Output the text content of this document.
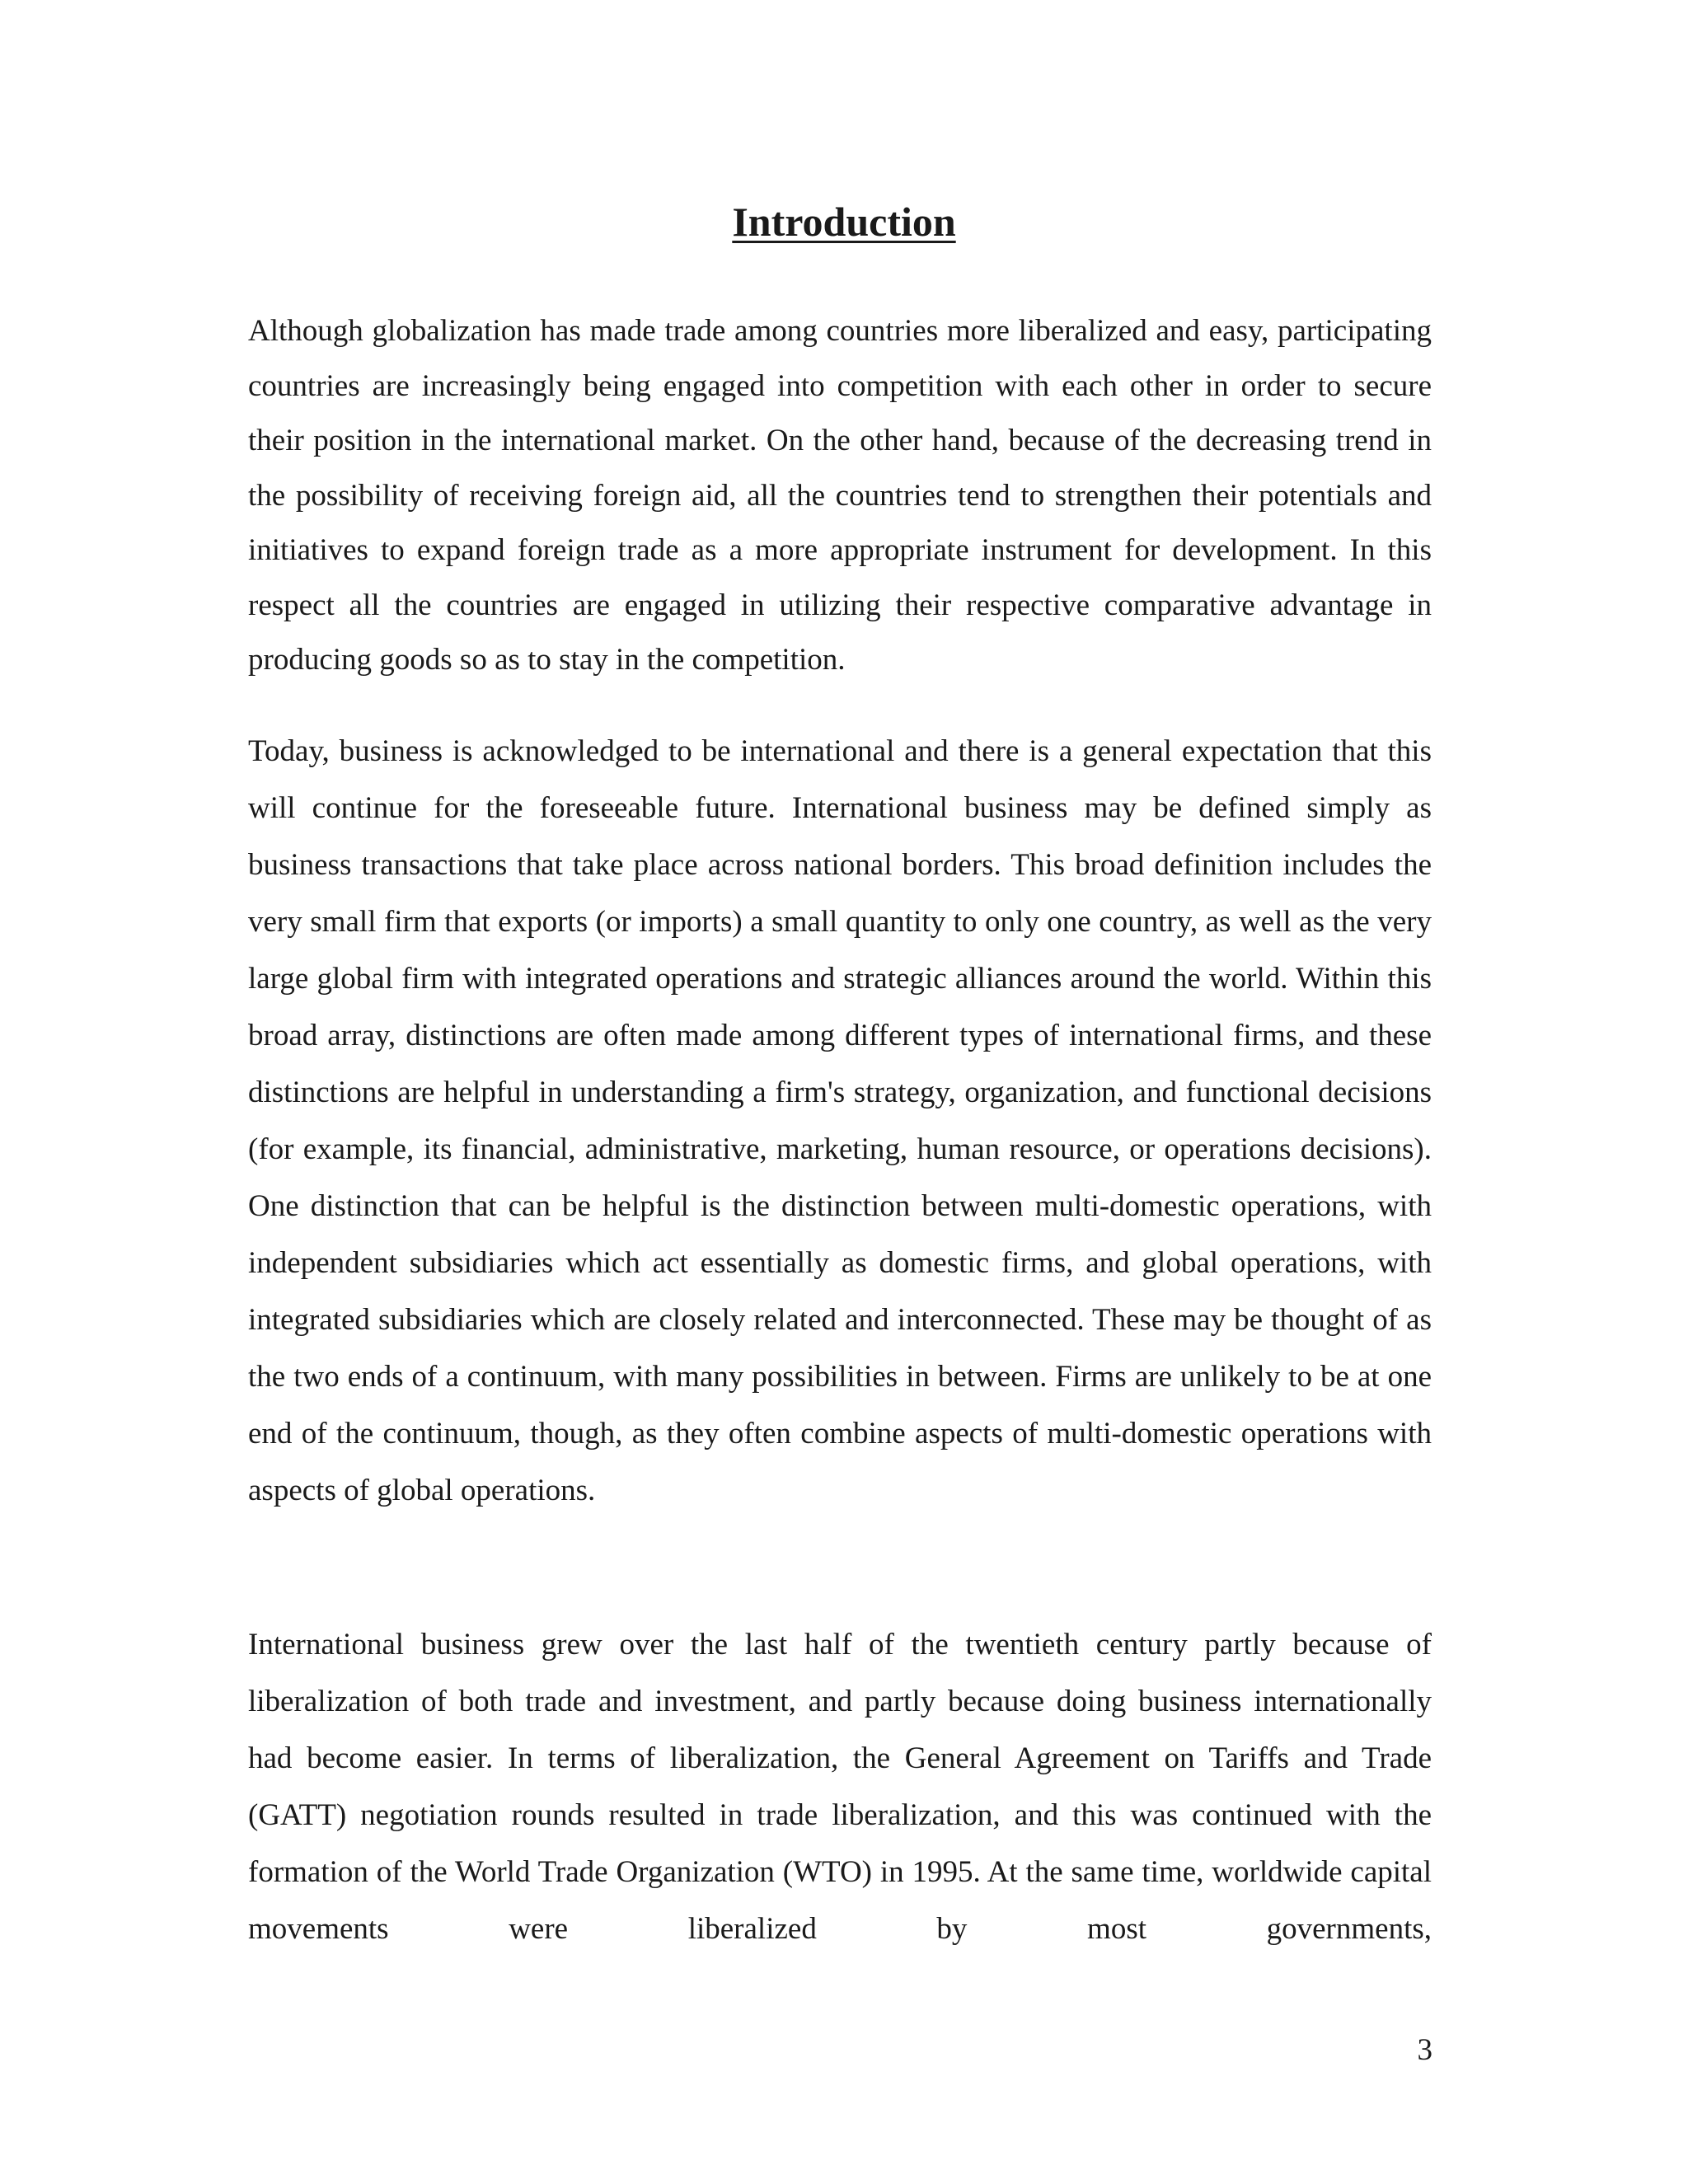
Introduction

Although globalization has made trade among countries more liberalized and easy, participating countries are increasingly being engaged into competition with each other in order to secure their position in the international market. On the other hand, because of the decreasing trend in the possibility of receiving foreign aid, all the countries tend to strengthen their potentials and initiatives to expand foreign trade as a more appropriate instrument for development. In this respect all the countries are engaged in utilizing their respective comparative advantage in producing goods so as to stay in the competition.

Today, business is acknowledged to be international and there is a general expectation that this will continue for the foreseeable future. International business may be defined simply as business transactions that take place across national borders. This broad definition includes the very small firm that exports (or imports) a small quantity to only one country, as well as the very large global firm with integrated operations and strategic alliances around the world. Within this broad array, distinctions are often made among different types of international firms, and these distinctions are helpful in understanding a firm's strategy, organization, and functional decisions (for example, its financial, administrative, marketing, human resource, or operations decisions). One distinction that can be helpful is the distinction between multi-domestic operations, with independent subsidiaries which act essentially as domestic firms, and global operations, with integrated subsidiaries which are closely related and interconnected. These may be thought of as the two ends of a continuum, with many possibilities in between. Firms are unlikely to be at one end of the continuum, though, as they often combine aspects of multi-domestic operations with aspects of global operations.

International business grew over the last half of the twentieth century partly because of liberalization of both trade and investment, and partly because doing business internationally had become easier. In terms of liberalization, the General Agreement on Tariffs and Trade (GATT) negotiation rounds resulted in trade liberalization, and this was continued with the formation of the World Trade Organization (WTO) in 1995. At the same time, worldwide capital movements were liberalized by most governments,

3
